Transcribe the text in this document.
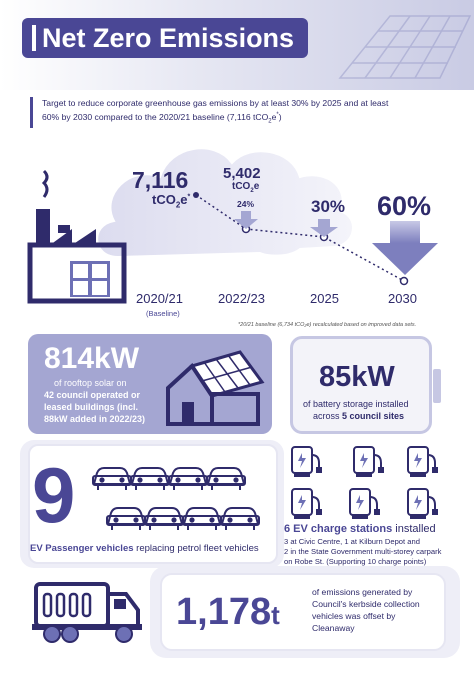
Net Zero Emissions
Target to reduce corporate greenhouse gas emissions by at least 30% by 2025 and at least
60% by 2030 compared to the 2020/21 baseline (7,116 tCO$_2$e*)
7,116
tCO$_2$e*
5,402
tCO$_2$e
24%	30% 60%
2020/21	2022/23	2025	2030
(Baseline)
*20/21 baseline (6,734 tCO₂e) recalculated based on improved data sets.
814kW
of rooftop solar on
42 council operated or
leased buildings (incl.
88kW added in 2022/23)
85kW
of battery storage installed
across 5 council sites
9
EV Passenger vehicles replacing petrol fleet vehicles
6 EV charge stations installed
3 at Civic Centre, 1 at Kilburn Depot and
2 in the State Government multi-storey carpark
on Robe St. (Supporting 10 charge points)
1,178t
of emissions generated by
Council's kerbside collection
vehicles was offset by
Cleanaway
